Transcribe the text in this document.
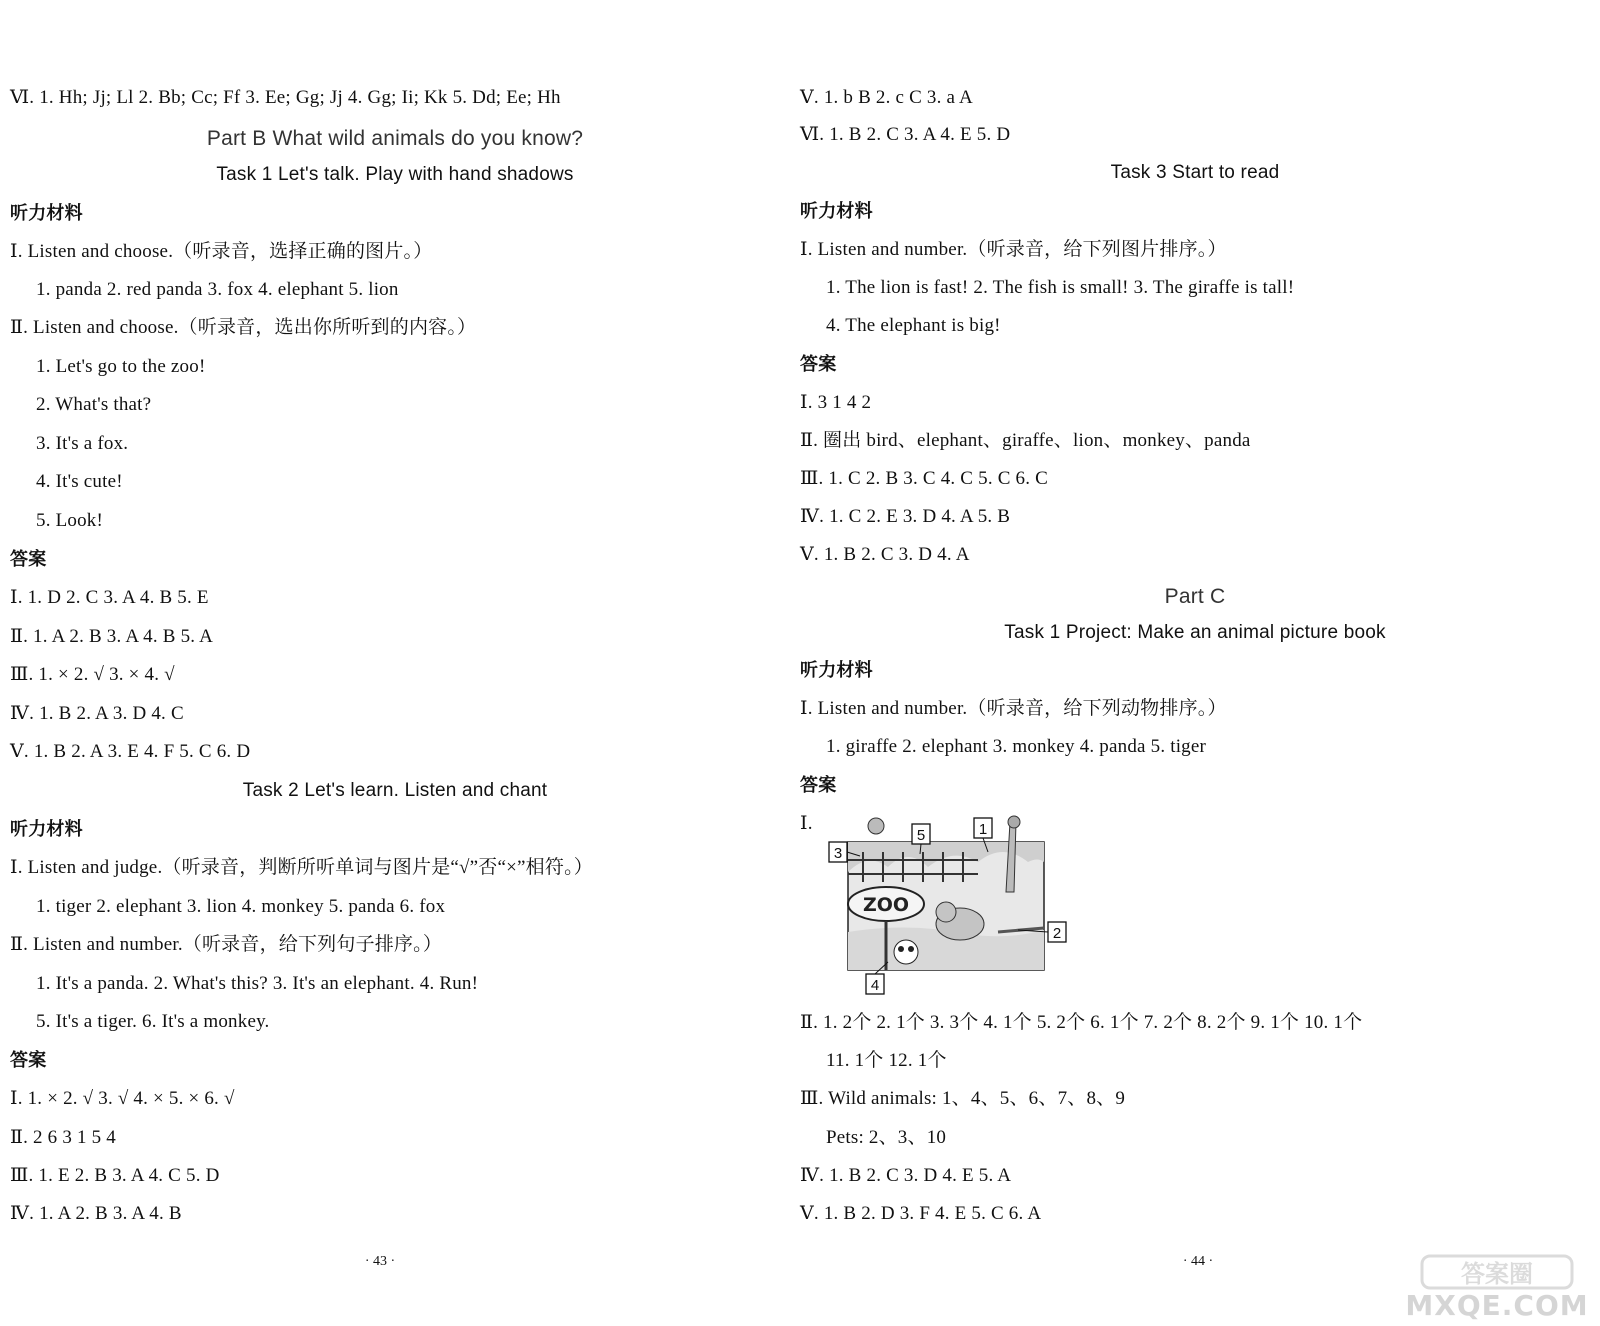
Ⅵ. 1. Hh; Jj; Ll 2. Bb; Cc; Ff 3. Ee; Gg; Jj 4. Gg; Ii; Kk 5. Dd; Ee; Hh
Part B What wild animals do you know?
Task 1 Let's talk. Play with hand shadows
听力材料
Ⅰ. Listen and choose.（听录音，选择正确的图片。）
1. panda 2. red panda 3. fox 4. elephant 5. lion
Ⅱ. Listen and choose.（听录音，选出你所听到的内容。）
1. Let's go to the zoo!
2. What's that?
3. It's a fox.
4. It's cute!
5. Look!
答案
Ⅰ. 1. D 2. C 3. A 4. B 5. E
Ⅱ. 1. A 2. B 3. A 4. B 5. A
Ⅲ. 1. × 2. √ 3. × 4. √
Ⅳ. 1. B 2. A 3. D 4. C
Ⅴ. 1. B 2. A 3. E 4. F 5. C 6. D
Task 2 Let's learn. Listen and chant
听力材料
Ⅰ. Listen and judge.（听录音，判断所听单词与图片是“√”否“×”相符。）
1. tiger 2. elephant 3. lion 4. monkey 5. panda 6. fox
Ⅱ. Listen and number.（听录音，给下列句子排序。）
1. It's a panda. 2. What's this? 3. It's an elephant. 4. Run!
5. It's a tiger. 6. It's a monkey.
答案
Ⅰ. 1. × 2. √ 3. √ 4. × 5. × 6. √
Ⅱ. 2 6 3 1 5 4
Ⅲ. 1. E 2. B 3. A 4. C 5. D
Ⅳ. 1. A 2. B 3. A 4. B
· 43 ·
Ⅴ. 1. b B 2. c C 3. a A
Ⅵ. 1. B 2. C 3. A 4. E 5. D
Task 3 Start to read
听力材料
Ⅰ. Listen and number.（听录音，给下列图片排序。）
1. The lion is fast! 2. The fish is small! 3. The giraffe is tall!
4. The elephant is big!
答案
Ⅰ. 3 1 4 2
Ⅱ. 圈出 bird、elephant、giraffe、lion、monkey、panda
Ⅲ. 1. C 2. B 3. C 4. C 5. C 6. C
Ⅳ. 1. C 2. E 3. D 4. A 5. B
Ⅴ. 1. B 2. C 3. D 4. A
Part C
Task 1 Project: Make an animal picture book
听力材料
Ⅰ. Listen and number.（听录音，给下列动物排序。）
1. giraffe 2. elephant 3. monkey 4. panda 5. tiger
答案
Ⅰ.
Ⅱ. 1. 2个 2. 1个 3. 3个 4. 1个 5. 2个 6. 1个 7. 2个 8. 2个 9. 1个 10. 1个
11. 1个 12. 1个
Ⅲ. Wild animals: 1、4、5、6、7、8、9
Pets: 2、3、10
Ⅳ. 1. B 2. C 3. D 4. E 5. A
Ⅴ. 1. B 2. D 3. F 4. E 5. C 6. A
· 44 ·
ZOO
3
5	1
2
4
答案圈
MXQE.COM
